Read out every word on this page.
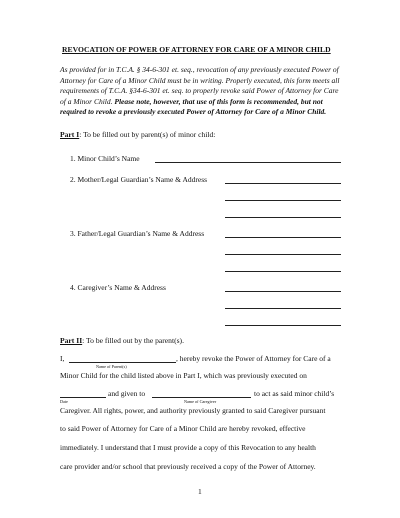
REVOCATION OF POWER OF ATTORNEY FOR CARE OF A MINOR CHILD
As provided for in T.C.A. § 34-6-301 et. seq., revocation of any previously executed Power of Attorney for Care of a Minor Child must be in writing. Properly executed, this form meets all requirements of T.C.A. §34-6-301 et. seq. to properly revoke said Power of Attorney for Care of a Minor Child. Please note, however, that use of this form is recommended, but not required to revoke a previously executed Power of Attorney for Care of a Minor Child.
Part I: To be filled out by parent(s) of minor child:
1. Minor Child’s Name
2. Mother/Legal Guardian’s Name & Address
3. Father/Legal Guardian’s Name & Address
4. Caregiver’s Name & Address
Part II: To be filled out by the parent(s).
I,	, hereby revoke the Power of Attorney for Care of a
Name of Parent(s)
Minor Child for the child listed above in Part I, which was previously executed on
and given to	to act as said minor child’s
Date	Name of Caregiver
Caregiver. All rights, power, and authority previously granted to said Caregiver pursuant
to said Power of Attorney for Care of a Minor Child are hereby revoked, effective
immediately. I understand that I must provide a copy of this Revocation to any health
care provider and/or school that previously received a copy of the Power of Attorney.
1
